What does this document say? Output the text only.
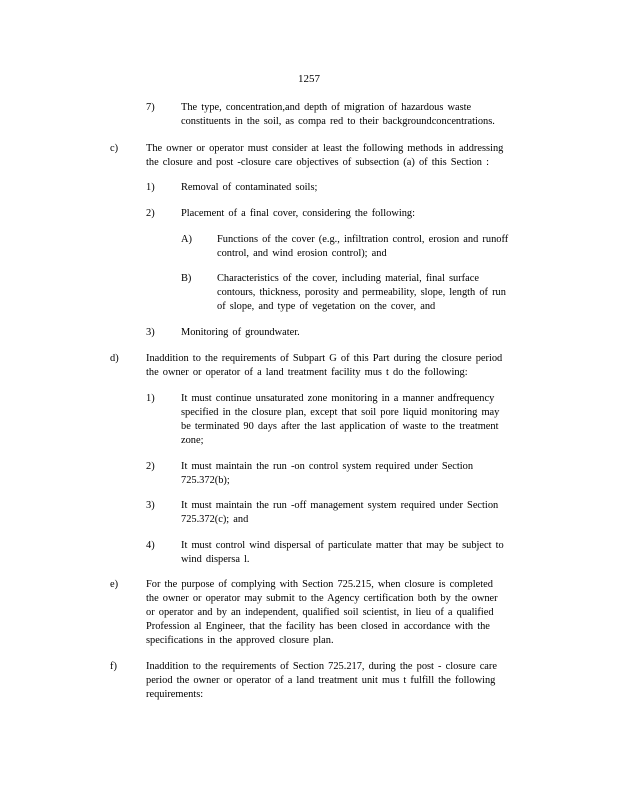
1257

7)	The type, concentration,and depth of migration of hazardous waste

constituents in the soil, as compa red to their backgroundconcentrations.

c)	The owner or operator must consider at least the following methods in addressing

the closure and post -closure care objectives of subsection (a) of this Section :

1)	Removal of contaminated soils;

2)	Placement of a final cover, considering the following:

A) Functions of the cover (e.g., infiltration control, erosion and runoff

control, and wind erosion control); and

B) Characteristics of the cover, including material, final surface

contours, thickness, porosity and permeability, slope, length of run

of slope, and type of vegetation on the cover, and

3)	Monitoring of groundwater.

d)	Inaddition to the requirements of Subpart G of this Part during the closure period

the owner or operator of a land treatment facility mus t do the following:

1)	It must continue unsaturated zone monitoring in a manner andfrequency

specified in the closure plan, except that soil pore liquid monitoring may

be terminated 90 days after the last application of waste to the treatment

zone;

2)	It must maintain the run -on control system required under Section

725.372(b);

3)	It must maintain the run -off management system required under Section

725.372(c); and

4)	It must control wind dispersal of particulate matter that may be subject to

wind dispersa l.

e)	For the purpose of complying with Section 725.215, when closure is completed

the owner or operator may submit to the Agency certification both by the owner

or operator and by an independent, qualified soil scientist, in lieu of a qualified

Profession al Engineer, that the facility has been closed in accordance with the

specifications in the approved closure plan.

f)	Inaddition to the requirements of Section 725.217, during the post - closure care

period the owner or operator of a land treatment unit mus t fulfill the following

requirements:
